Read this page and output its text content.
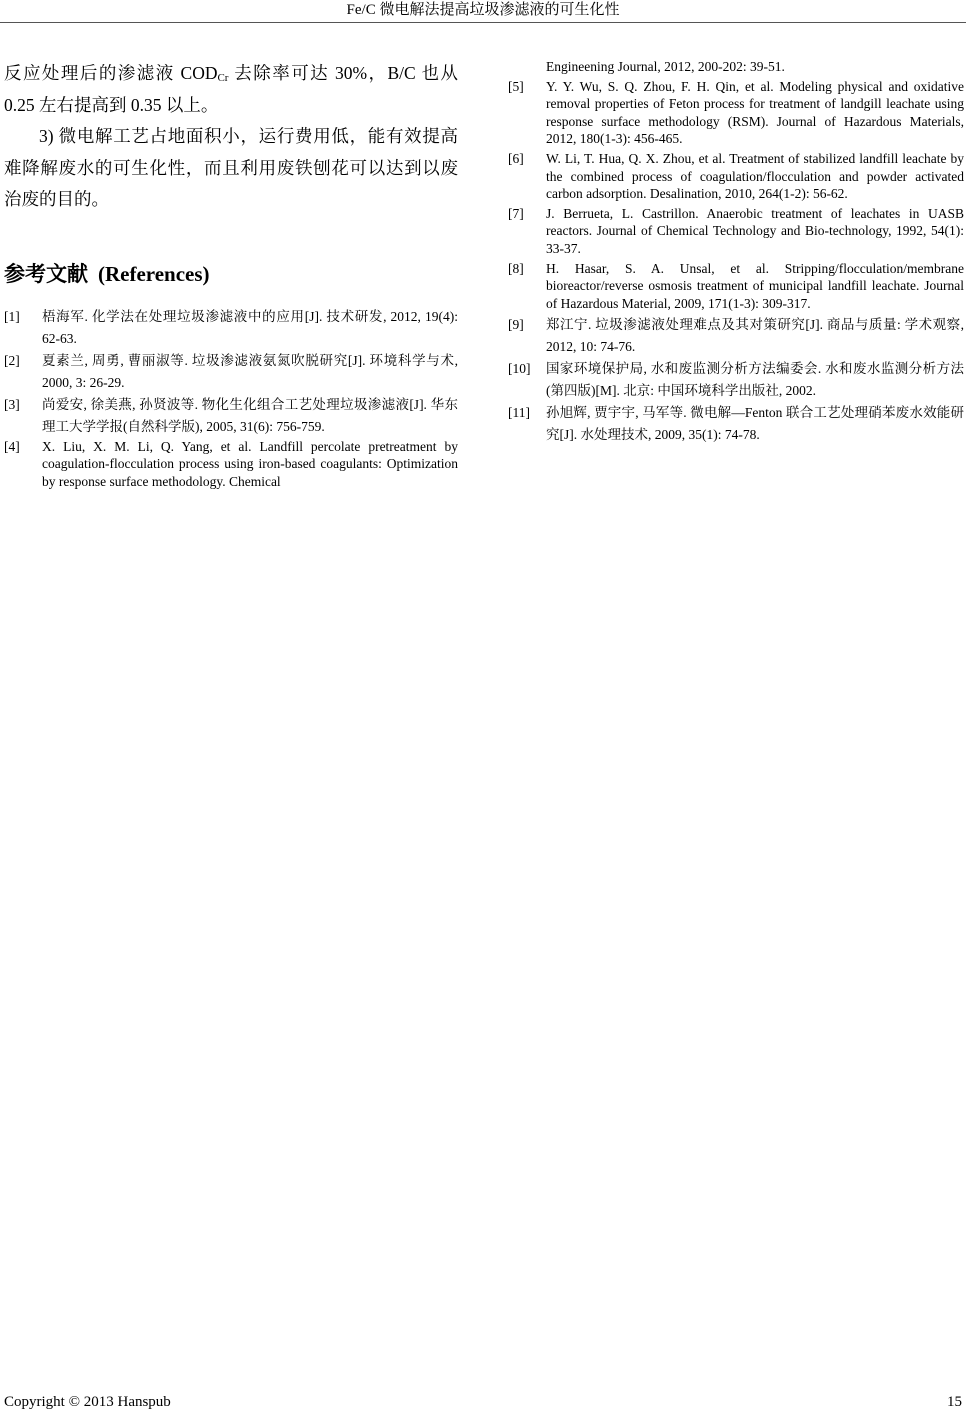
Fe/C 微电解法提高垃圾渗滤液的可生化性

反应处理后的渗滤液 $COD_{Cr}$ 去除率可达 30%，B/C 也从 0.25 左右提高到 0.35 以上。

3) 微电解工艺占地面积小，运行费用低，能有效提高难降解废水的可生化性，而且利用废铁刨花可以达到以废治废的目的。

参考文献 (References)
[1] 梧海军. 化学法在处理垃圾渗滤液中的应用[J]. 技术研发, 2012, 19(4): 62-63.
[2] 夏素兰, 周勇, 曹丽淑等. 垃圾渗滤液氨氮吹脱研究[J]. 环境科学与术, 2000, 3: 26-29.
[3] 尚爱安, 徐美燕, 孙贤波等. 物化生化组合工艺处理垃圾渗滤液[J]. 华东理工大学学报(自然科学版), 2005, 31(6): 756-759.
[4] X. Liu, X. M. Li, Q. Yang, et al. Landfill percolate pretreatment by coagulation-flocculation process using iron-based coagulants: Optimization by response surface methodology. Chemical
Engineening Journal, 2012, 200-202: 39-51.
[5] Y. Y. Wu, S. Q. Zhou, F. H. Qin, et al. Modeling physical and oxidative removal properties of Feton process for treatment of landgill leachate using response surface methodology (RSM). Journal of Hazardous Materials, 2012, 180(1-3): 456-465.
[6] W. Li, T. Hua, Q. X. Zhou, et al. Treatment of stabilized landfill leachate by the combined process of coagulation/flocculation and powder activated carbon adsorption. Desalination, 2010, 264(1-2): 56-62.
[7] J. Berrueta, L. Castrillon. Anaerobic treatment of leachates in UASB reactors. Journal of Chemical Technology and Bio-technology, 1992, 54(1): 33-37.
[8] H. Hasar, S. A. Unsal, et al. Stripping/flocculation/membrane bioreactor/reverse osmosis treatment of municipal landfill leachate. Journal of Hazardous Material, 2009, 171(1-3): 309-317.
[9] 郑江宁. 垃圾渗滤液处理难点及其对策研究[J]. 商品与质量: 学术观察, 2012, 10: 74-76.
[10] 国家环境保护局, 水和废监测分析方法编委会. 水和废水监测分析方法(第四版)[M]. 北京: 中国环境科学出版社, 2002.
[11] 孙旭辉, 贾宇宇, 马军等. 微电解—Fenton 联合工艺处理硝苯废水效能研究[J]. 水处理技术, 2009, 35(1): 74-78.
Copyright © 2013 Hanspub	15
